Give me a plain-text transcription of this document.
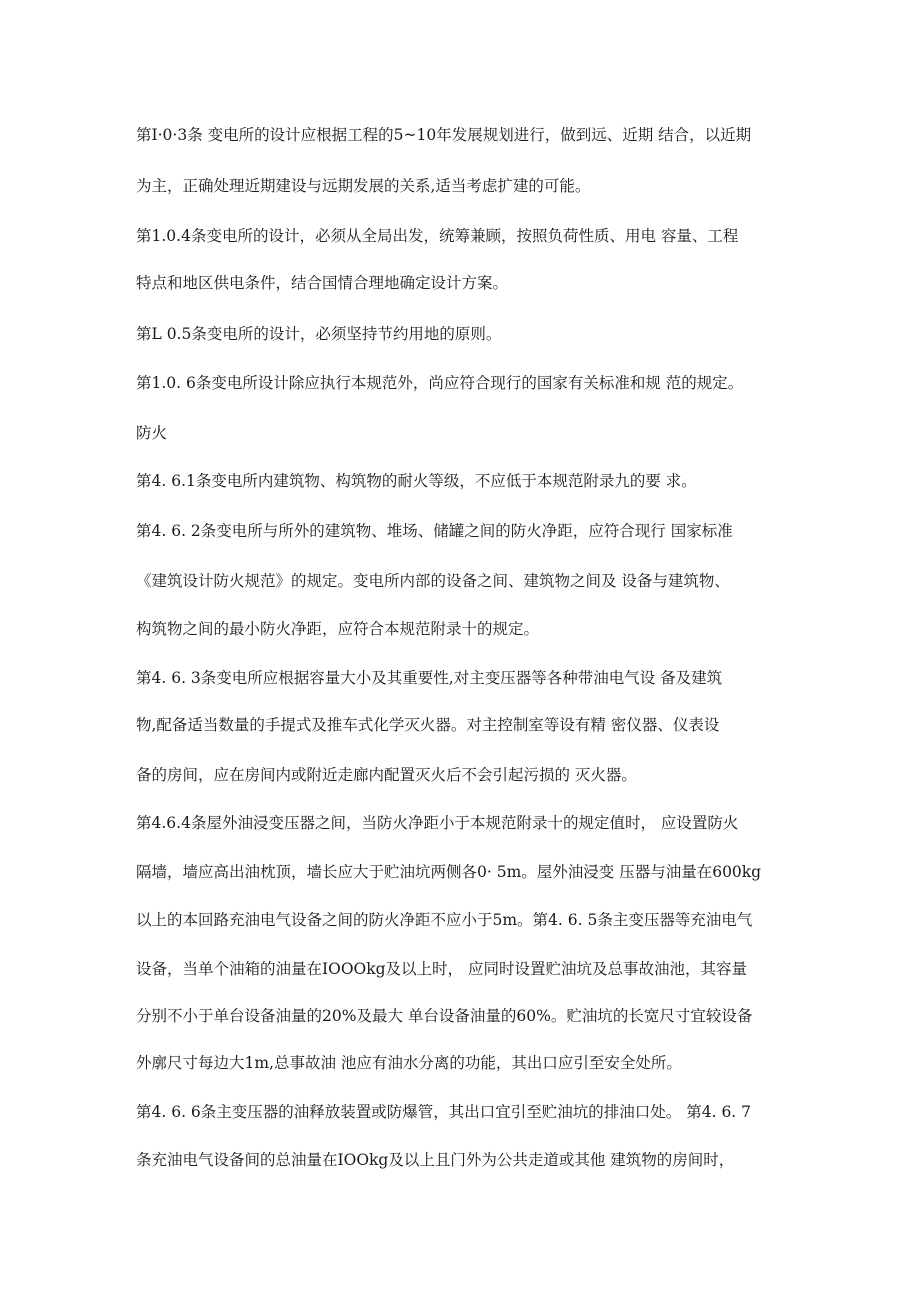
第I·0·3条 变电所的设计应根据工程的5~10年发展规划进行，做到远、近期 结合，以近期
为主，正确处理近期建设与远期发展的关系,适当考虑扩建的可能。
第1.0.4条变电所的设计，必须从全局出发，统筹兼顾，按照负荷性质、用电 容量、工程
特点和地区供电条件，结合国情合理地确定设计方案。
第L 0.5条变电所的设计，必须坚持节约用地的原则。
第1.0. 6条变电所设计除应执行本规范外，尚应符合现行的国家有关标准和规 范的规定。
防火
第4. 6.1条变电所内建筑物、构筑物的耐火等级，不应低于本规范附录九的要 求。
第4. 6. 2条变电所与所外的建筑物、堆场、储罐之间的防火净距，应符合现行 国家标准
《建筑设计防火规范》的规定。变电所内部的设备之间、建筑物之间及 设备与建筑物、
构筑物之间的最小防火净距，应符合本规范附录十的规定。
第4. 6. 3条变电所应根据容量大小及其重要性,对主变压器等各种带油电气设 备及建筑
物,配备适当数量的手提式及推车式化学灭火器。对主控制室等设有精 密仪器、仪表设
备的房间，应在房间内或附近走廊内配置灭火后不会引起污损的 灭火器。
第4.6.4条屋外油浸变压器之间，当防火净距小于本规范附录十的规定值时， 应设置防火
隔墙，墙应高出油枕顶，墙长应大于贮油坑两侧各0· 5m。屋外油浸变 压器与油量在600kg
以上的本回路充油电气设备之间的防火净距不应小于5m。第4. 6. 5条主变压器等充油电气
设备，当单个油箱的油量在IOOOkg及以上时， 应同时设置贮油坑及总事故油池，其容量
分别不小于单台设备油量的20%及最大 单台设备油量的60%。贮油坑的长宽尺寸宜较设备
外廓尺寸每边大1m,总事故油 池应有油水分离的功能，其出口应引至安全处所。
第4. 6. 6条主变压器的油释放装置或防爆管，其出口宜引至贮油坑的排油口处。 第4. 6. 7
条充油电气设备间的总油量在IOOkg及以上且门外为公共走道或其他 建筑物的房间时，
